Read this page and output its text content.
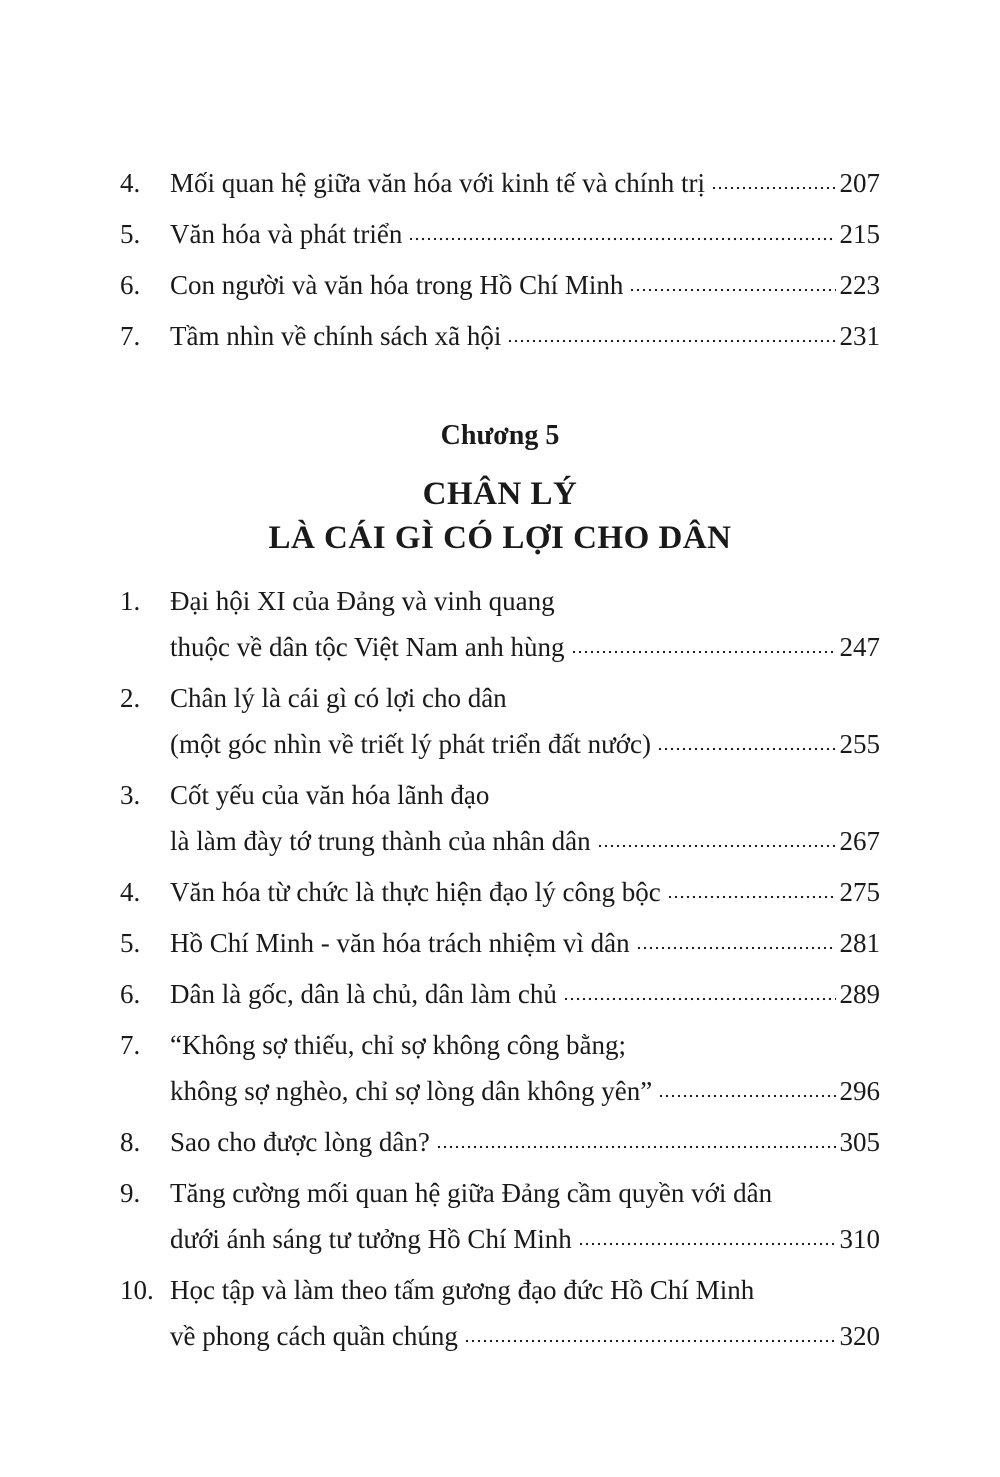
4.	Mối quan hệ giữa văn hóa với kinh tế và chính trị	207
5.	Văn hóa và phát triển	215
6.	Con người và văn hóa trong Hồ Chí Minh	223
7.	Tầm nhìn về chính sách xã hội	231
Chương 5
CHÂN LÝ
LÀ CÁI GÌ CÓ LỢI CHO DÂN
1.	Đại hội XI của Đảng và vinh quang
thuộc về dân tộc Việt Nam anh hùng	247
2.	Chân lý là cái gì có lợi cho dân
(một góc nhìn về triết lý phát triển đất nước)	255
3.	Cốt yếu của văn hóa lãnh đạo
là làm đày tớ trung thành của nhân dân	267
4.	Văn hóa từ chức là thực hiện đạo lý công bộc	275
5.	Hồ Chí Minh - văn hóa trách nhiệm vì dân	281
6.	Dân là gốc, dân là chủ, dân làm chủ	289
7.	“Không sợ thiếu, chỉ sợ không công bằng;
không sợ nghèo, chỉ sợ lòng dân không yên”	296
8.	Sao cho được lòng dân?	305
9.	Tăng cường mối quan hệ giữa Đảng cầm quyền với dân
dưới ánh sáng tư tưởng Hồ Chí Minh	310
10. Học tập và làm theo tấm gương đạo đức Hồ Chí Minh
về phong cách quần chúng	320
